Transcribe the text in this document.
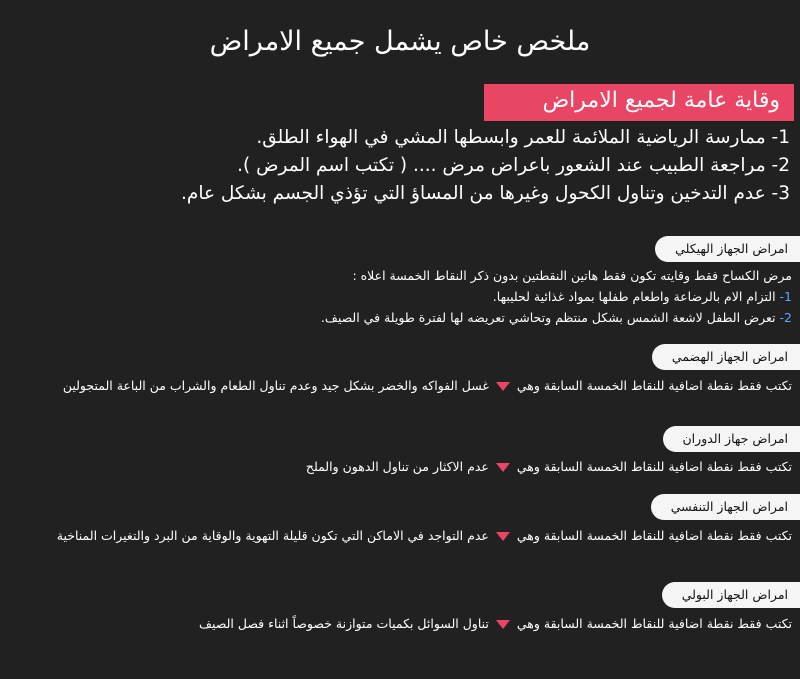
ملخص خاص يشمل جميع الامراض
وقاية عامة لجميع الامراض
1- ممارسة الرياضية الملائمة للعمر وابسطها المشي في الهواء الطلق.
2- مراجعة الطبيب عند الشعور باعراض مرض .... ( تكتب اسم المرض ).
3- عدم التدخين وتناول الكحول وغيرها من المساؤ التي تؤذي الجسم بشكل عام.
امراض الجهاز الهيكلي
مرض الكساح فقط وقايته تكون فقط هاتين النقطتين بدون ذكر النقاط الخمسة اعلاه :
1- التزام الام بالرضاعة واطعام طفلها بمواد غذائية لحليبها.
2- تعرض الطفل لاشعة الشمس بشكل منتظم وتحاشي تعريضه لها لفترة طويلة في الصيف.
امراض الجهاز الهضمي
تكتب فقط نقطة اضافية للنقاط الخمسة السابقة وهي  غسل الفواكه والخضر بشكل جيد وعدم تناول الطعام والشراب من الباعة المتجولين
امراض جهاز الدوران
تكتب فقط نقطة اضافية للنقاط الخمسة السابقة وهي  عدم الاكثار من تناول الدهون والملح
امراض الجهاز التنفسي
تكتب فقط نقطة اضافية للنقاط الخمسة السابقة وهي  عدم التواجد في الاماكن التي تكون قليلة التهوية والوقاية من البرد والتغيرات المناخية
امراض الجهاز البولي
تكتب فقط نقطة اضافية للنقاط الخمسة السابقة وهي  تناول السوائل بكميات متوازنة خصوصاً اثناء فصل الصيف
